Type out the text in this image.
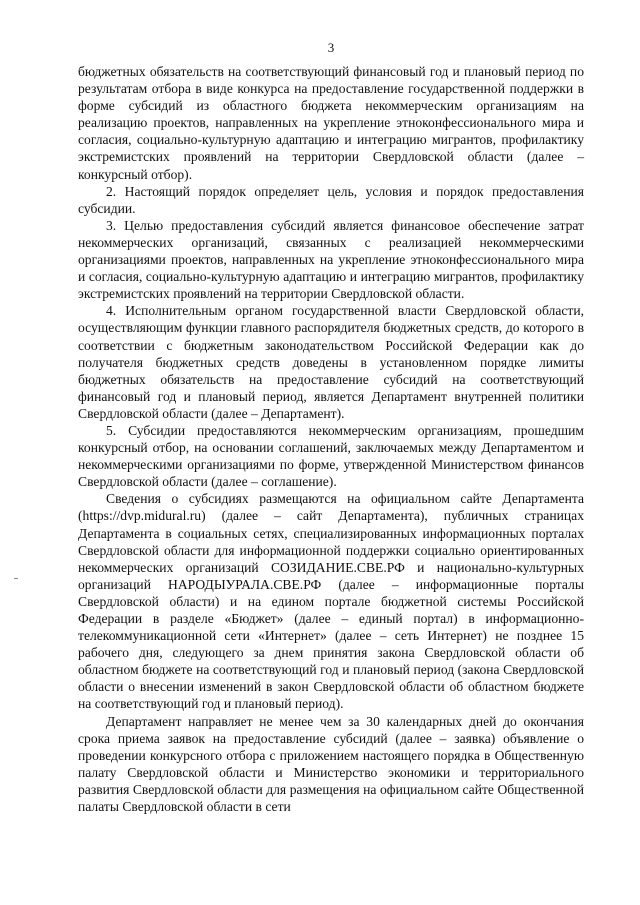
3

бюджетных обязательств на соответствующий финансовый год и плановый период по результатам отбора в виде конкурса на предоставление государственной поддержки в форме субсидий из областного бюджета некоммерческим организациям на реализацию проектов, направленных на укрепление этноконфессионального мира и согласия, социально-культурную адаптацию и интеграцию мигрантов, профилактику экстремистских проявлений на территории Свердловской области (далее – конкурсный отбор).

2. Настоящий порядок определяет цель, условия и порядок предоставления субсидии.

3. Целью предоставления субсидий является финансовое обеспечение затрат некоммерческих организаций, связанных с реализацией некоммерческими организациями проектов, направленных на укрепление этноконфессионального мира и согласия, социально-культурную адаптацию и интеграцию мигрантов, профилактику экстремистских проявлений на территории Свердловской области.

4. Исполнительным органом государственной власти Свердловской области, осуществляющим функции главного распорядителя бюджетных средств, до которого в соответствии с бюджетным законодательством Российской Федерации как до получателя бюджетных средств доведены в установленном порядке лимиты бюджетных обязательств на предоставление субсидий на соответствующий финансовый год и плановый период, является Департамент внутренней политики Свердловской области (далее – Департамент).

5. Субсидии предоставляются некоммерческим организациям, прошедшим конкурсный отбор, на основании соглашений, заключаемых между Департаментом и некоммерческими организациями по форме, утвержденной Министерством финансов Свердловской области (далее – соглашение).

Сведения о субсидиях размещаются на официальном сайте Департамента (https://dvp.midural.ru) (далее – сайт Департамента), публичных страницах Департамента в социальных сетях, специализированных информационных порталах Свердловской области для информационной поддержки социально ориентированных некоммерческих организаций СОЗИДАНИЕ.СВЕ.РФ и национально-культурных организаций НАРОДЫУРАЛА.СВЕ.РФ (далее – информационные порталы Свердловской области) и на едином портале бюджетной системы Российской Федерации в разделе «Бюджет» (далее – единый портал) в информационно-телекоммуникационной сети «Интернет» (далее – сеть Интернет) не позднее 15 рабочего дня, следующего за днем принятия закона Свердловской области об областном бюджете на соответствующий год и плановый период (закона Свердловской области о внесении изменений в закон Свердловской области об областном бюджете на соответствующий год и плановый период).

Департамент направляет не менее чем за 30 календарных дней до окончания срока приема заявок на предоставление субсидий (далее – заявка) объявление о проведении конкурсного отбора с приложением настоящего порядка в Общественную палату Свердловской области и Министерство экономики и территориального развития Свердловской области для размещения на официальном сайте Общественной палаты Свердловской области в сети
